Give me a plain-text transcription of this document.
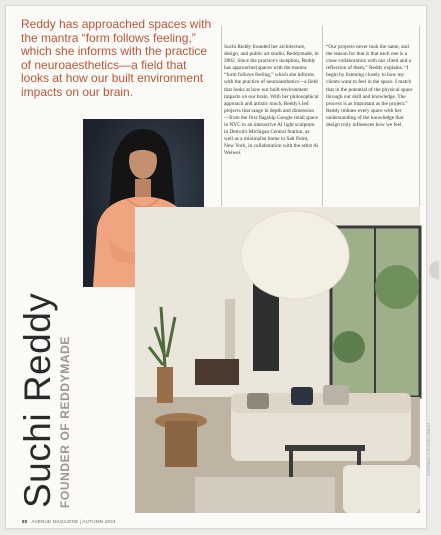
Reddy has approached spaces with the mantra “form follows feeling,” which she informs with the practice of neuroaesthetics—a field that looks at how our built environment impacts on our brain.
Suchi Reddy founded her architecture, design, and public art studio, Reddymade, in 2002. Since the practice's inception, Reddy has approached spaces with the mantra “form follows feeling,” which she informs with the practice of neuroaesthetics—a field that looks at how our built environment impacts on our brain. With her philosophical approach and artistic touch, Reddy's led projects that range in depth and dimension—from the first flagship Google retail space in NYC to an interactive AI light sculpture in Detroit's Michigan Central Station, as well as a minimalist home in Salt Point, New York, in collaboration with the artist Ai Weiwei.
“Our projects never look the same, and the reason for that is that each one is a close collaboration with our client and a reflection of them,” Reddy explains. “I begin by listening closely to how my clients want to feel in the space. I match that in the potential of the physical space through our skill and knowledge. The process is as important as the project.” Reddy imbues every space with her understanding of the knowledge that design truly influences how we feel.
Suchi Reddy FOUNDER OF REDDYMADE	PORTRAIT: © PHOTO CREDIT
80 AVENUE MAGAZINE | AUTUMN 2024
